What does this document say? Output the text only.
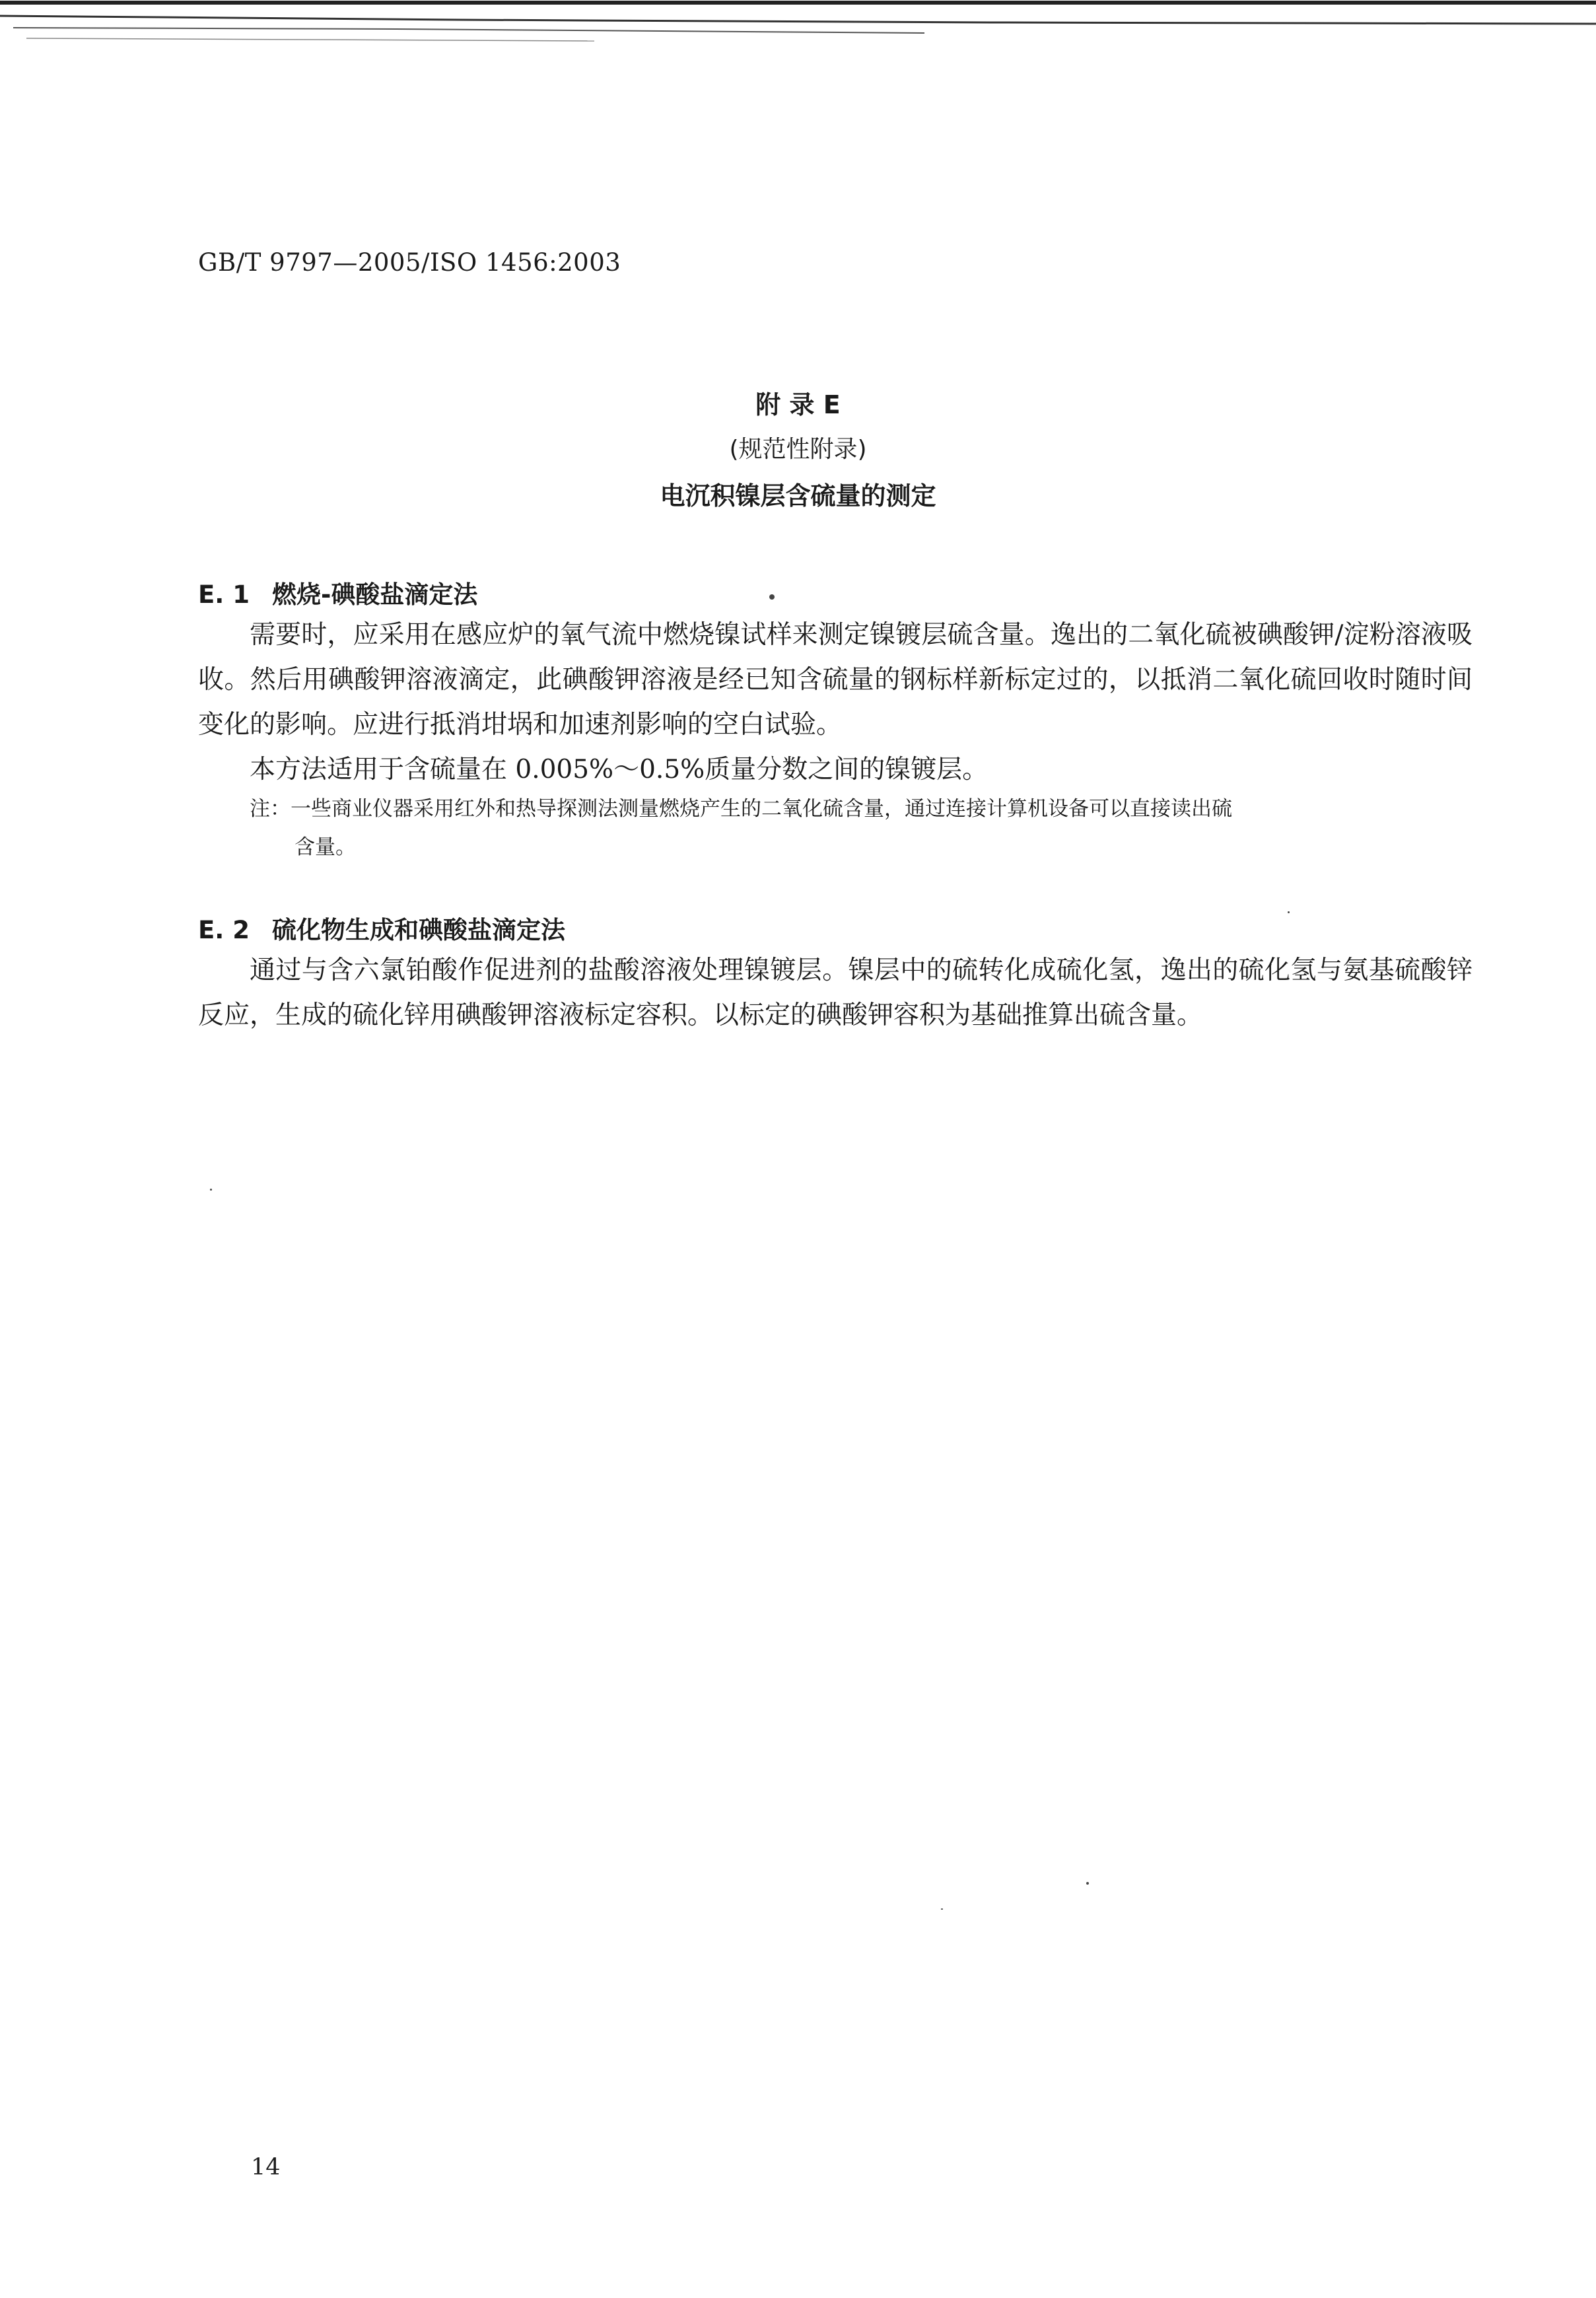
GB/T 9797—2005/ISO 1456:2003
附 录 E
(规范性附录)
电沉积镍层含硫量的测定
E. 1 燃烧-碘酸盐滴定法

需要时，应采用在感应炉的氧气流中燃烧镍试样来测定镍镀层硫含量。逸出的二氧化硫被碘酸钾/淀粉溶液吸收。然后用碘酸钾溶液滴定，此碘酸钾溶液是经已知含硫量的钢标样新标定过的，以抵消二氧化硫回收时随时间变化的影响。应进行抵消坩埚和加速剂影响的空白试验。

本方法适用于含硫量在 0.005%～0.5%质量分数之间的镍镀层。

注：一些商业仪器采用红外和热导探测法测量燃烧产生的二氧化硫含量，通过连接计算机设备可以直接读出硫
含量。
E. 2 硫化物生成和碘酸盐滴定法

通过与含六氯铂酸作促进剂的盐酸溶液处理镍镀层。镍层中的硫转化成硫化氢，逸出的硫化氢与氨基硫酸锌反应，生成的硫化锌用碘酸钾溶液标定容积。以标定的碘酸钾容积为基础推算出硫含量。

14
